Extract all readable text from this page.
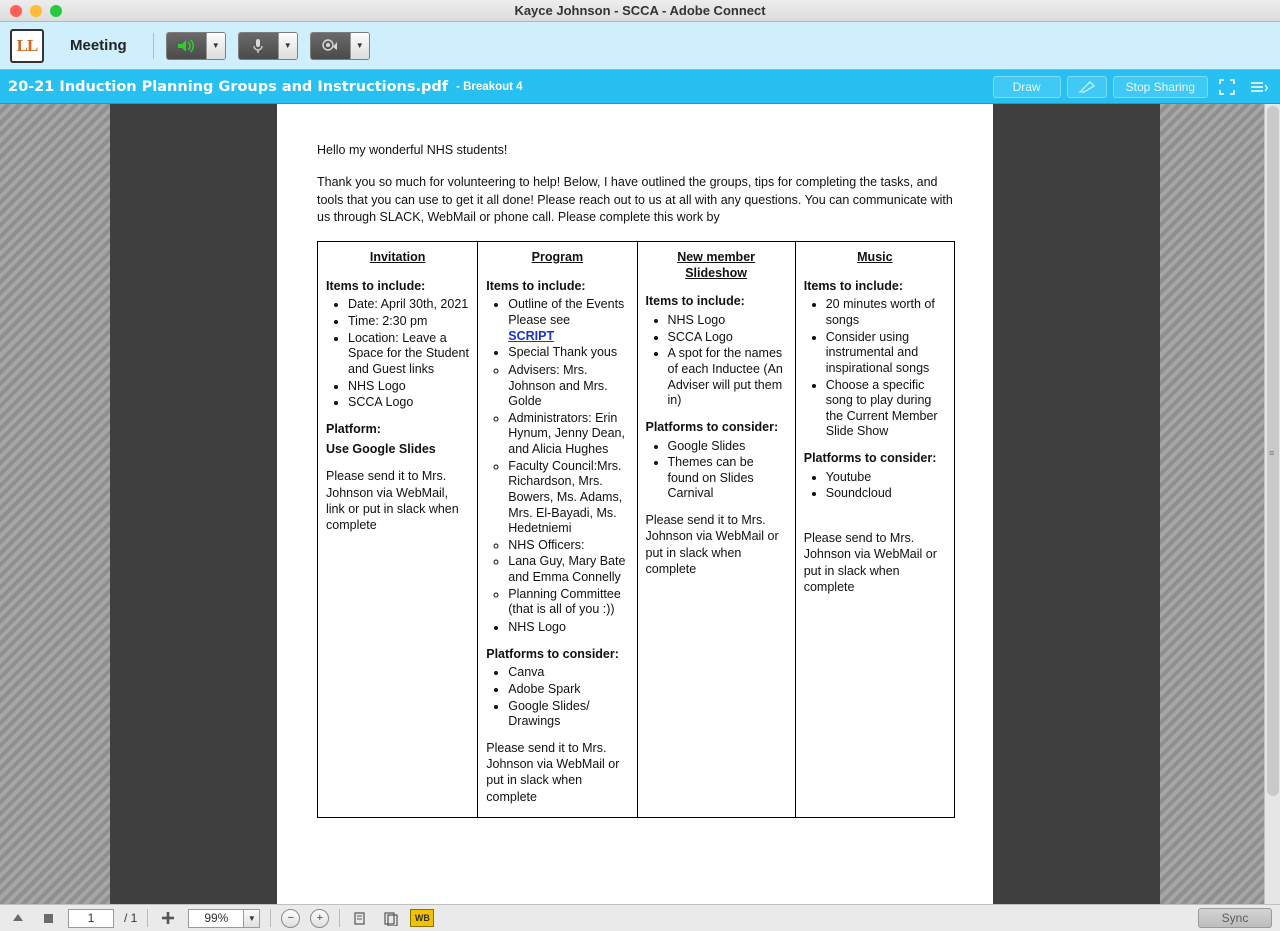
Kayce Johnson - SCCA - Adobe Connect
LL	Meeting	▼	▼	▼
20-21 Induction Planning Groups and Instructions.pdf - Breakout 4	Draw	Stop Sharing

Hello my wonderful NHS students!

Thank you so much for volunteering to help! Below, I have outlined the groups, tips for completing the tasks, and tools that you can use to get it all done! Please reach out to us at all with any questions. You can communicate with us through SLACK, WebMail or phone call. Please complete this work by

Invitation
Items to include:
• Date: April 30th, 2021
• Time: 2:30 pm
• Location: Leave a Space for the Student and Guest links
• NHS Logo
• SCCA Logo
Platform:
Use Google Slides
Please send it to Mrs. Johnson via WebMail, link or put in slack when complete

Program
Items to include:
• Outline of the Events Please see
SCRIPT
• Special Thank yous
◦ Advisers: Mrs. Johnson and Mrs. Golde
◦ Administrators: Erin Hynum, Jenny Dean, and Alicia Hughes
◦ Faculty Council:Mrs. Richardson, Mrs. Bowers, Ms. Adams, Mrs. El-Bayadi, Ms. Hedetniemi
◦ NHS Officers:
◦ Lana Guy, Mary Bate and Emma Connelly
◦ Planning Committee (that is all of you :))
• NHS Logo
Platforms to consider:
• Canva
• Adobe Spark
• Google Slides/ Drawings
Please send it to Mrs. Johnson via WebMail or put in slack when complete

New member Slideshow
Items to include:
• NHS Logo
• SCCA Logo
• A spot for the names of each Inductee (An Adviser will put them in)
Platforms to consider:
• Google Slides
• Themes can be found on Slides Carnival
Please send it to Mrs. Johnson via WebMail or put in slack when complete

Music
Items to include:
• 20 minutes worth of songs
• Consider using instrumental and inspirational songs
• Choose a specific song to play during the Current Member Slide Show
Platforms to consider:
• Youtube
• Soundcloud
Please send to Mrs. Johnson via WebMail or put in slack when complete
≡
1	/ 1	99%	▼	−	+	WB	Sync
